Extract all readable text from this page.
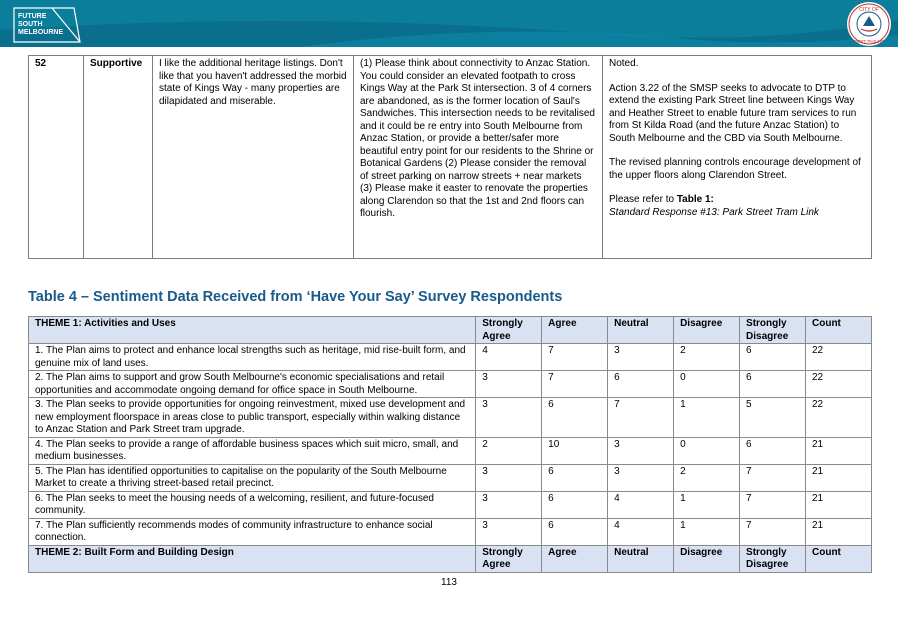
FUTURE
SOUTH
MELBOURNE
CITY OF
PORT PHILLIP
52	Supportive	I like the additional heritage listings. Don't like that you haven't addressed the morbid state of Kings Way - many properties are dilapidated and miserable.	(1) Please think about connectivity to Anzac Station. You could consider an elevated footpath to cross Kings Way at the Park St intersection. 3 of 4 corners are abandoned, as is the former location of Saul's Sandwiches. This intersection needs to be revitalised and it could be re entry into South Melbourne from Anzac Station, or provide a better/safer more beautiful entry point for our residents to the Shrine or Botanical Gardens (2) Please consider the removal of street parking on narrow streets + near markets (3) Please make it easter to renovate the properties along Clarendon so that the 1st and 2nd floors can flourish.	

Noted.

Action 3.22 of the SMSP seeks to advocate to DTP to extend the existing Park Street line between Kings Way and Heather Street to enable future tram services to run from St Kilda Road (and the future Anzac Station) to South Melbourne and the CBD via South Melbourne.

The revised planning controls encourage development of the upper floors along Clarendon Street.

Please refer to Table 1:

Standard Response #13: Park Street Tram Link

Table 4 – Sentiment Data Received from ‘Have Your Say’ Survey Respondents
THEME 1: Activities and Uses	Strongly Agree	Agree	Neutral	Disagree	Strongly Disagree	Count
1. The Plan aims to protect and enhance local strengths such as heritage, mid rise-built form, and genuine mix of land uses.	4	7	3	2	6	22
2. The Plan aims to support and grow South Melbourne's economic specialisations and retail opportunities and accommodate ongoing demand for office space in South Melbourne.	3	7	6	0	6	22
3. The Plan seeks to provide opportunities for ongoing reinvestment, mixed use development and new employment floorspace in areas close to public transport, especially within walking distance to Anzac Station and Park Street tram upgrade.	3	6	7	1	5	22
4. The Plan seeks to provide a range of affordable business spaces which suit micro, small, and medium businesses.	2	10	3	0	6	21
5. The Plan has identified opportunities to capitalise on the popularity of the South Melbourne Market to create a thriving street-based retail precinct.	3	6	3	2	7	21
6. The Plan seeks to meet the housing needs of a welcoming, resilient, and future-focused community.	3	6	4	1	7	21
7. The Plan sufficiently recommends modes of community infrastructure to enhance social connection.	3	6	4	1	7	21
THEME 2: Built Form and Building Design	Strongly Agree	Agree	Neutral	Disagree	Strongly Disagree	Count
113
